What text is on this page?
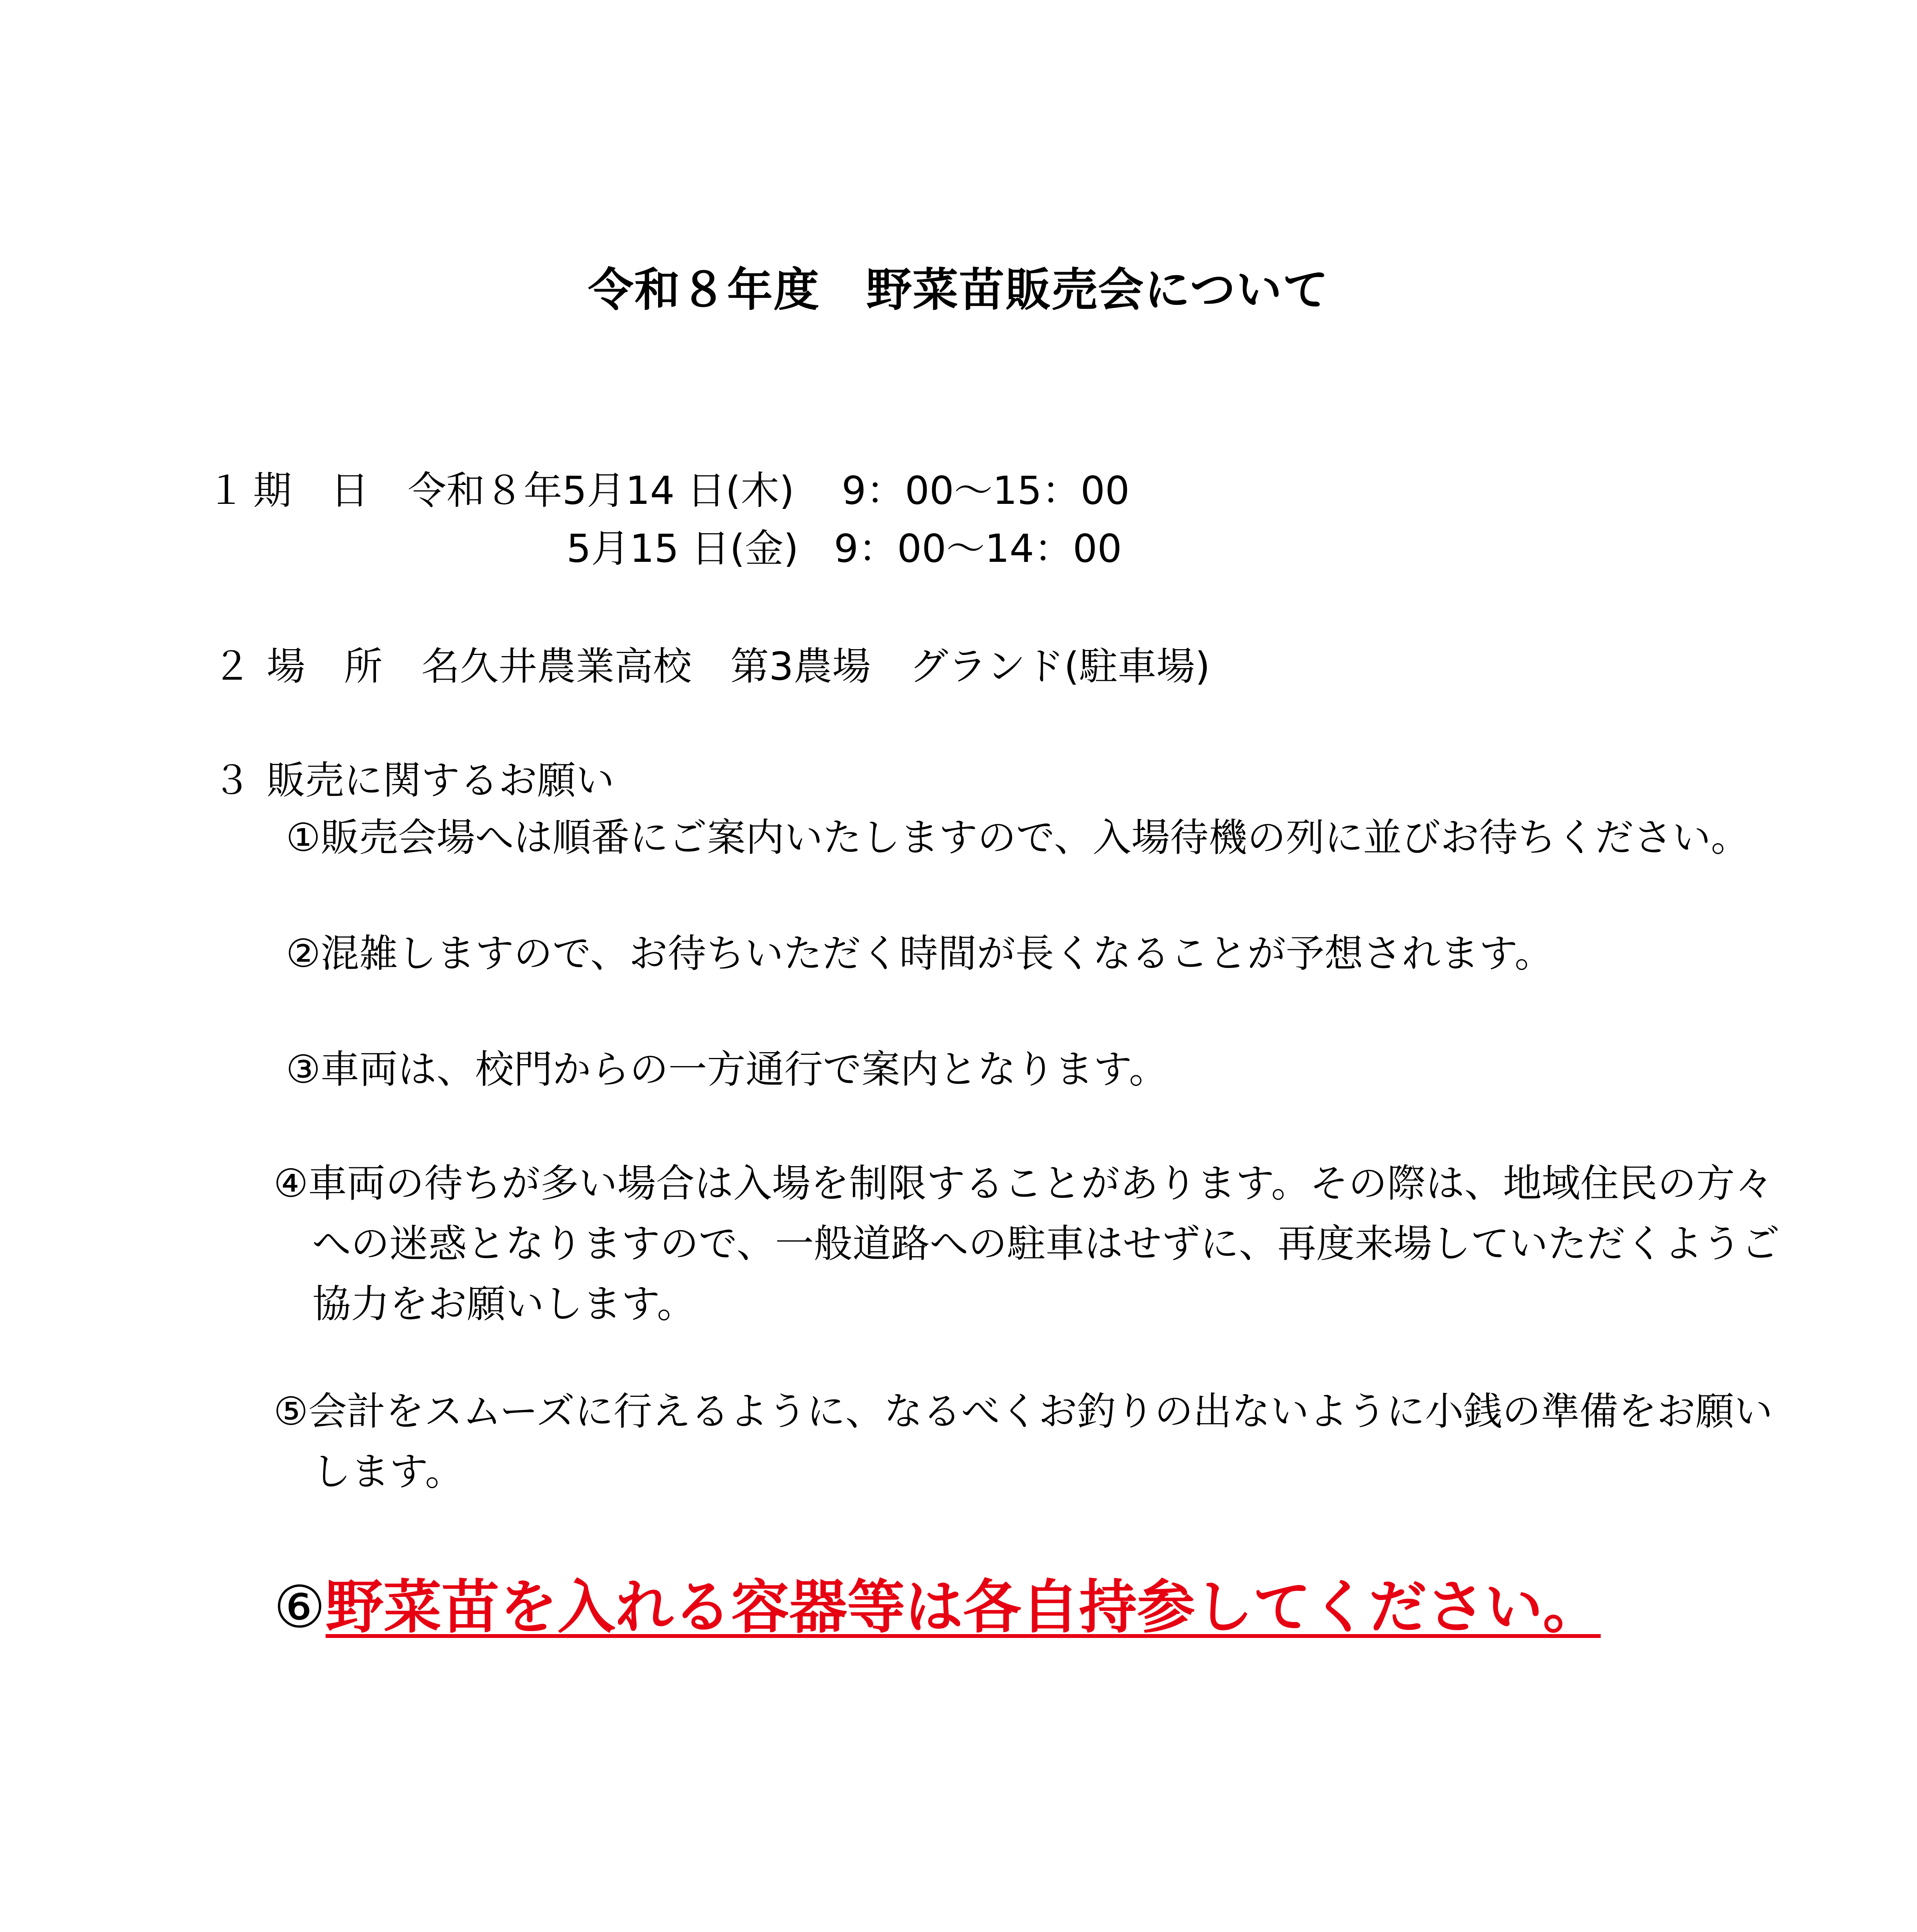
令和８年度　野菜苗販売会について
１ 期　日 令和８年5月14 日(木) 9：00～15：00
5月15 日(金) 9：00～14：00
２ 場　所 名久井農業高校　第3農場　グランド(駐車場)
３ 販売に関するお願い
①販売会場へは順番にご案内いたしますので、入場待機の列に並びお待ちください。
②混雑しますので、お待ちいただく時間が長くなることが予想されます。
③車両は、校門からの一方通行で案内となります。
④車両の待ちが多い場合は入場を制限することがあります。その際は、地域住民の方々
への迷惑となりますので、一般道路への駐車はせずに、再度来場していただくようご
協力をお願いします。
⑤会計をスムーズに行えるように、なるべくお釣りの出ないように小銭の準備をお願い
します。
⑥野菜苗を入れる容器等は各自持参してください。
